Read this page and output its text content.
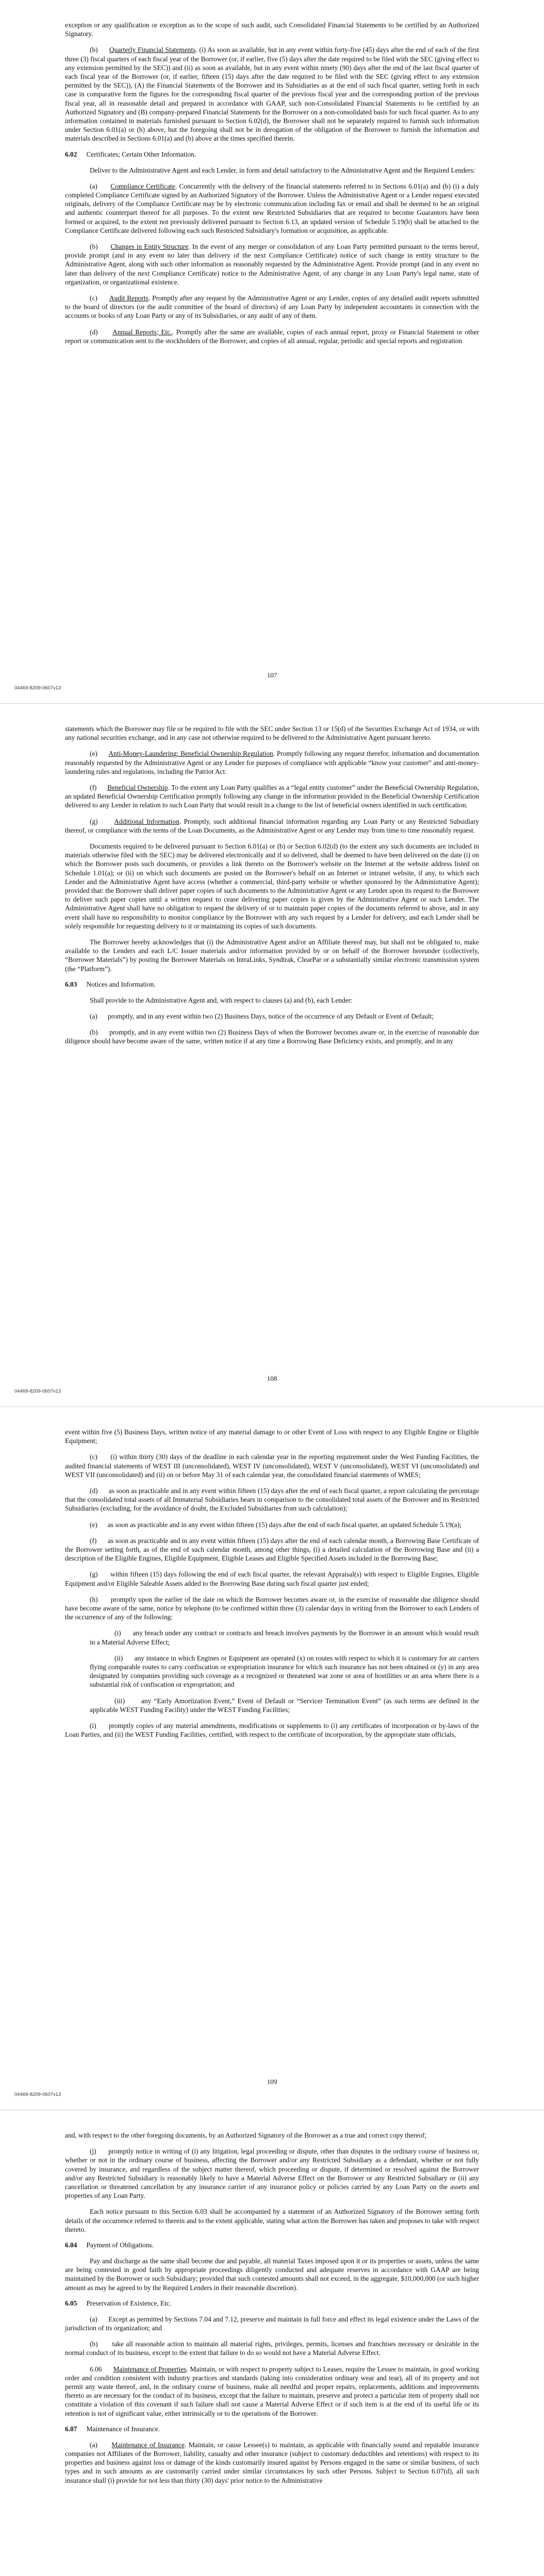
exception or any qualification or exception as to the scope of such audit, such Consolidated Financial Statements to be certified by an Authorized Signatory.

(b) Quarterly Financial Statements. (i) As soon as available, but in any event within forty-five (45) days after the end of each of the first three (3) fiscal quarters of each fiscal year of the Borrower (or, if earlier, five (5) days after the date required to be filed with the SEC (giving effect to any extension permitted by the SEC)) and (ii) as soon as available, but in any event within ninety (90) days after the end of the last fiscal quarter of each fiscal year of the Borrower (or, if earlier, fifteen (15) days after the date required to be filed with the SEC (giving effect to any extension permitted by the SEC)), (A) the Financial Statements of the Borrower and its Subsidiaries as at the end of such fiscal quarter, setting forth in each case in comparative form the figures for the corresponding fiscal quarter of the previous fiscal year and the corresponding portion of the previous fiscal year, all in reasonable detail and prepared in accordance with GAAP, such non-Consolidated Financial Statements to be certified by an Authorized Signatory and (B) company-prepared Financial Statements for the Borrower on a non-consolidated basis for such fiscal quarter. As to any information contained in materials furnished pursuant to Section 6.02(d), the Borrower shall not be separately required to furnish such information under Section 6.01(a) or (b) above, but the foregoing shall not be in derogation of the obligation of the Borrower to furnish the information and materials described in Sections 6.01(a) and (b) above at the times specified therein.

6.02 Certificates; Certain Other Information.

Deliver to the Administrative Agent and each Lender, in form and detail satisfactory to the Administrative Agent and the Required Lenders:

(a) Compliance Certificate. Concurrently with the delivery of the financial statements referred to in Sections 6.01(a) and (b) (i) a duly completed Compliance Certificate signed by an Authorized Signatory of the Borrower. Unless the Administrative Agent or a Lender request executed originals, delivery of the Compliance Certificate may be by electronic communication including fax or email and shall be deemed to be an original and authentic counterpart thereof for all purposes. To the extent new Restricted Subsidiaries that are required to become Guarantors have been formed or acquired, to the extent not previously delivered pursuant to Section 6.13, an updated version of Schedule 5.19(b) shall be attached to the Compliance Certificate delivered following each such Restricted Subsidiary's formation or acquisition, as applicable.

(b) Changes in Entity Structure. In the event of any merger or consolidation of any Loan Party permitted pursuant to the terms hereof, provide prompt (and in any event no later than delivery of the next Compliance Certificate) notice of such change in entity structure to the Administrative Agent, along with such other information as reasonably requested by the Administrative Agent. Provide prompt (and in any event no later than delivery of the next Compliance Certificate) notice to the Administrative Agent, of any change in any Loan Party's legal name, state of organization, or organizational existence.

(c) Audit Reports. Promptly after any request by the Administrative Agent or any Lender, copies of any detailed audit reports submitted to the board of directors (or the audit committee of the board of directors) of any Loan Party by independent accountants in connection with the accounts or books of any Loan Party or any of its Subsidiaries, or any audit of any of them.

(d) Annual Reports; Etc.. Promptly after the same are available, copies of each annual report, proxy or Financial Statement or other report or communication sent to the stockholders of the Borrower, and copies of all annual, regular, periodic and special reports and registration

107
04469-8209-0607v13

statements which the Borrower may file or be required to file with the SEC under Section 13 or 15(d) of the Securities Exchange Act of 1934, or with any national securities exchange, and in any case not otherwise required to be delivered to the Administrative Agent pursuant hereto.

(e) Anti-Money-Laundering; Beneficial Ownership Regulation. Promptly following any request therefor, information and documentation reasonably requested by the Administrative Agent or any Lender for purposes of compliance with applicable “know your customer” and anti-money-laundering rules and regulations, including the Patriot Act.

(f) Beneficial Ownership. To the extent any Loan Party qualifies as a “legal entity customer” under the Beneficial Ownership Regulation, an updated Beneficial Ownership Certification promptly following any change in the information provided in the Beneficial Ownership Certification delivered to any Lender in relation to such Loan Party that would result in a change to the list of beneficial owners identified in such certification.

(g) Additional Information. Promptly, such additional financial information regarding any Loan Party or any Restricted Subsidiary thereof, or compliance with the terms of the Loan Documents, as the Administrative Agent or any Lender may from time to time reasonably request.

Documents required to be delivered pursuant to Section 6.01(a) or (b) or Section 6.02(d) (to the extent any such documents are included in materials otherwise filed with the SEC) may be delivered electronically and if so delivered, shall be deemed to have been delivered on the date (i) on which the Borrower posts such documents, or provides a link thereto on the Borrower's website on the Internet at the website address listed on Schedule 1.01(a); or (ii) on which such documents are posted on the Borrower's behalf on an Internet or intranet website, if any, to which each Lender and the Administrative Agent have access (whether a commercial, third-party website or whether sponsored by the Administrative Agent); provided that: the Borrower shall deliver paper copies of such documents to the Administrative Agent or any Lender upon its request to the Borrower to deliver such paper copies until a written request to cease delivering paper copies is given by the Administrative Agent or such Lender. The Administrative Agent shall have no obligation to request the delivery of or to maintain paper copies of the documents referred to above, and in any event shall have no responsibility to monitor compliance by the Borrower with any such request by a Lender for delivery, and each Lender shall be solely responsible for requesting delivery to it or maintaining its copies of such documents.

The Borrower hereby acknowledges that (i) the Administrative Agent and/or an Affiliate thereof may, but shall not be obligated to, make available to the Lenders and each L/C Issuer materials and/or information provided by or on behalf of the Borrower hereunder (collectively, “Borrower Materials”) by posting the Borrower Materials on IntraLinks, Syndtrak, ClearPar or a substantially similar electronic transmission system (the “Platform”).

6.03 Notices and Information.

Shall provide to the Administrative Agent and, with respect to clauses (a) and (b), each Lender:

(a) promptly, and in any event within two (2) Business Days, notice of the occurrence of any Default or Event of Default;

(b) promptly, and in any event within two (2) Business Days of when the Borrower becomes aware or, in the exercise of reasonable due diligence should have become aware of the same, written notice if at any time a Borrowing Base Deficiency exists, and promptly, and in any

108
04469-8209-0607v13

event within five (5) Business Days, written notice of any material damage to or other Event of Loss with respect to any Eligible Engine or Eligible Equipment;

(c) (i) within thirty (30) days of the deadline in each calendar year in the reporting requirement under the West Funding Facilities, the audited financial statements of WEST III (unconsolidated), WEST IV (unconsolidated), WEST V (unconsolidated), WEST VI (unconsolidated) and WEST VII (unconsolidated) and (ii) on or before May 31 of each calendar year, the consolidated financial statements of WMES;

(d) as soon as practicable and in any event within fifteen (15) days after the end of each fiscal quarter, a report calculating the percentage that the consolidated total assets of all Immaterial Subsidiaries bears in comparison to the consolidated total assets of the Borrower and its Restricted Subsidiaries (excluding, for the avoidance of doubt, the Excluded Subsidiaries from such calculation);

(e) as soon as practicable and in any event within fifteen (15) days after the end of each fiscal quarter, an updated Schedule 5.19(a);

(f) as soon as practicable and in any event within fifteen (15) days after the end of each calendar month, a Borrowing Base Certificate of the Borrower setting forth, as of the end of such calendar month, among other things, (i) a detailed calculation of the Borrowing Base and (ii) a description of the Eligible Engines, Eligible Equipment, Eligible Leases and Eligible Specified Assets included in the Borrowing Base;

(g) within fifteen (15) days following the end of each fiscal quarter, the relevant Appraisal(s) with respect to Eligible Engines, Eligible Equipment and/or Eligible Saleable Assets added to the Borrowing Base during such fiscal quarter just ended;

(h) promptly upon the earlier of the date on which the Borrower becomes aware or, in the exercise of reasonable due diligence should have become aware of the same, notice by telephone (to be confirmed within three (3) calendar days in writing from the Borrower to each Lenders of the occurrence of any of the following:

(i) any breach under any contract or contracts and breach involves payments by the Borrower in an amount which would result in a Material Adverse Effect;

(ii) any instance in which Engines or Equipment are operated (x) on routes with respect to which it is customary for air carriers flying comparable routes to carry confiscation or expropriation insurance for which such insurance has not been obtained or (y) in any area designated by companies providing such coverage as a recognized or threatened war zone or area of hostilities or an area where there is a substantial risk of confiscation or expropriation; and

(iii) any “Early Amortization Event,” Event of Default or “Servicer Termination Event” (as such terms are defined in the applicable WEST Funding Facility) under the WEST Funding Facilities;

(i) promptly copies of any material amendments, modifications or supplements to (i) any certificates of incorporation or by-laws of the Loan Parties, and (ii) the WEST Funding Facilities, certified, with respect to the certificate of incorporation, by the appropriate state officials,

109
04469-8209-0607v13

and, with respect to the other foregoing documents, by an Authorized Signatory of the Borrower as a true and correct copy thereof;

(j) promptly notice in writing of (i) any litigation, legal proceeding or dispute, other than disputes in the ordinary course of business or, whether or not in the ordinary course of business, affecting the Borrower and/or any Restricted Subsidiary as a defendant, whether or not fully covered by insurance, and regardless of the subject matter thereof, which proceeding or dispute, if determined or resolved against the Borrower and/or any Restricted Subsidiary is reasonably likely to have a Material Adverse Effect on the Borrower or any Restricted Subsidiary or (ii) any cancellation or threatened cancellation by any insurance carrier of any insurance policy or policies carried by any Loan Party on the assets and properties of any Loan Party.

Each notice pursuant to this Section 6.03 shall be accompanied by a statement of an Authorized Signatory of the Borrower setting forth details of the occurrence referred to therein and to the extent applicable, stating what action the Borrower has taken and proposes to take with respect thereto.

6.04 Payment of Obligations.

Pay and discharge as the same shall become due and payable, all material Taxes imposed upon it or its properties or assets, unless the same are being contested in good faith by appropriate proceedings diligently conducted and adequate reserves in accordance with GAAP are being maintained by the Borrower or such Subsidiary; provided that such contested amounts shall not exceed, in the aggregate, $10,000,000 (or such higher amount as may be agreed to by the Required Lenders in their reasonable discretion).

6.05 Preservation of Existence, Etc.

(a) Except as permitted by Sections 7.04 and 7.12, preserve and maintain in full force and effect its legal existence under the Laws of the jurisdiction of its organization; and

(b) take all reasonable action to maintain all material rights, privileges, permits, licenses and franchises necessary or desirable in the normal conduct of its business, except to the extent that failure to do so would not have a Material Adverse Effect.

6.06 Maintenance of Properties. Maintain, or with respect to property subject to Leases, require the Lessee to maintain, in good working order and condition consistent with industry practices and standards (taking into consideration ordinary wear and tear), all of its property and not permit any waste thereof, and, in the ordinary course of business, make all needful and proper repairs, replacements, additions and improvements thereto as are necessary for the conduct of its business, except that the failure to maintain, preserve and protect a particular item of property shall not constitute a violation of this covenant if such failure shall not cause a Material Adverse Effect or if such item is at the end of its useful life or its retention is not of significant value, either intrinsically or to the operations of the Borrower.

6.07 Maintenance of Insurance.

(a) Maintenance of Insurance. Maintain, or cause Lessee(s) to maintain, as applicable with financially sound and reputable insurance companies not Affiliates of the Borrower, liability, casualty and other insurance (subject to customary deductibles and retentions) with respect to its properties and business against loss or damage of the kinds customarily insured against by Persons engaged in the same or similar business, of such types and in such amounts as are customarily carried under similar circumstances by such other Persons. Subject to Section 6.07(d), all such insurance shall (i) provide for not less than thirty (30) days' prior notice to the Administrative
